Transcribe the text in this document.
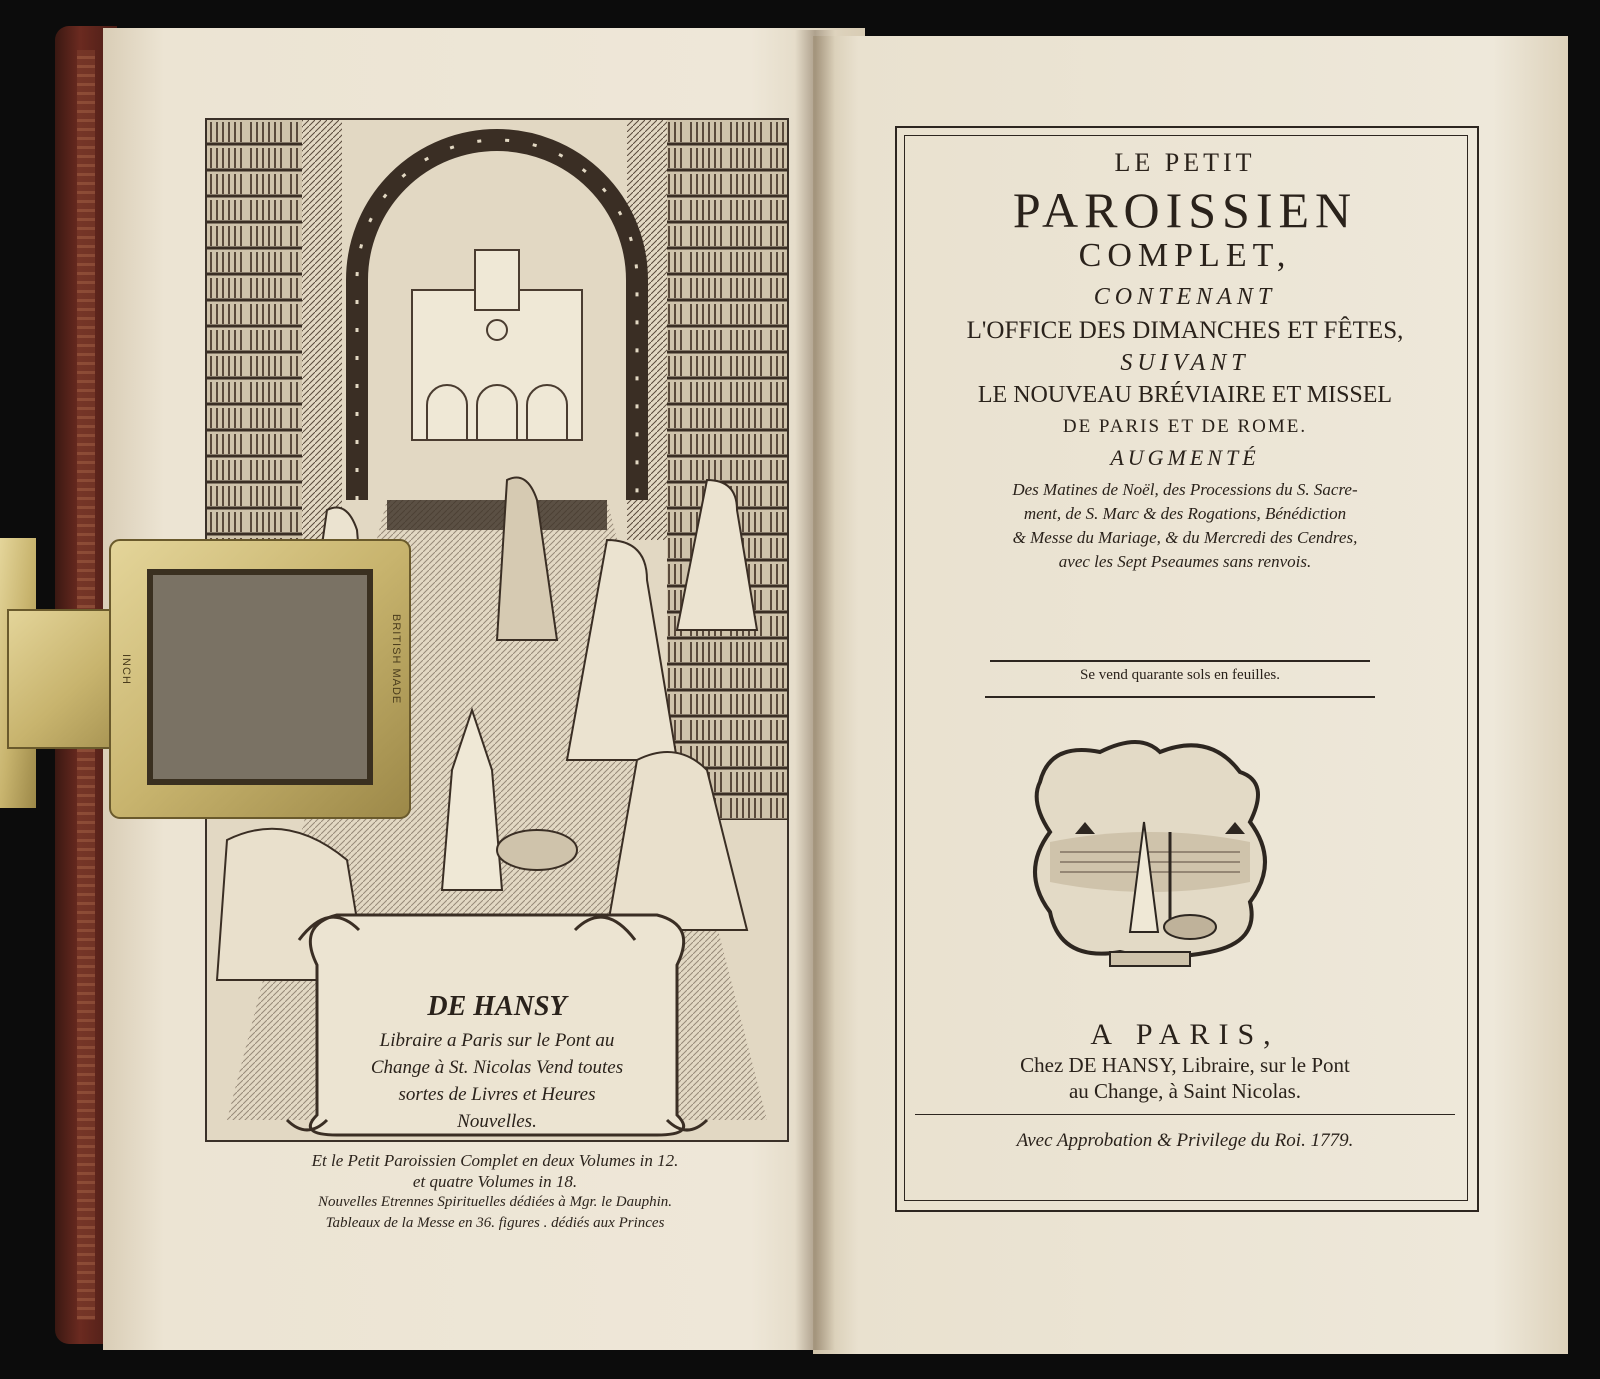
DE HANSY
Libraire a Paris sur le Pont au
Change à St. Nicolas Vend toutes
sortes de Livres et Heures
Nouvelles.
Et le Petit Paroissien Complet en deux Volumes in 12.
et quatre Volumes in 18.
Nouvelles Etrennes Spirituelles dédiées à Mgr. le Dauphin.
Tableaux de la Messe en 36. figures . dédiés aux Princes
LE PETIT
PAROISSIEN
COMPLET,
CONTENANT
L'OFFICE DES DIMANCHES ET FÊTES,
SUIVANT
LE NOUVEAU BRÉVIAIRE ET MISSEL
DE PARIS ET DE ROME.
AUGMENTÉ
Des Matines de Noël, des Processions du S. Sacre-
ment, de S. Marc & des Rogations, Bénédiction
& Messe du Mariage, & du Mercredi des Cendres,
avec les Sept Pseaumes sans renvois.
Se vend quarante sols en feuilles.
A PARIS,
Chez DE HANSY, Libraire, sur le Pont
au Change, à Saint Nicolas.
Avec Approbation & Privilege du Roi. 1779.
BRITISH MADE
INCH
